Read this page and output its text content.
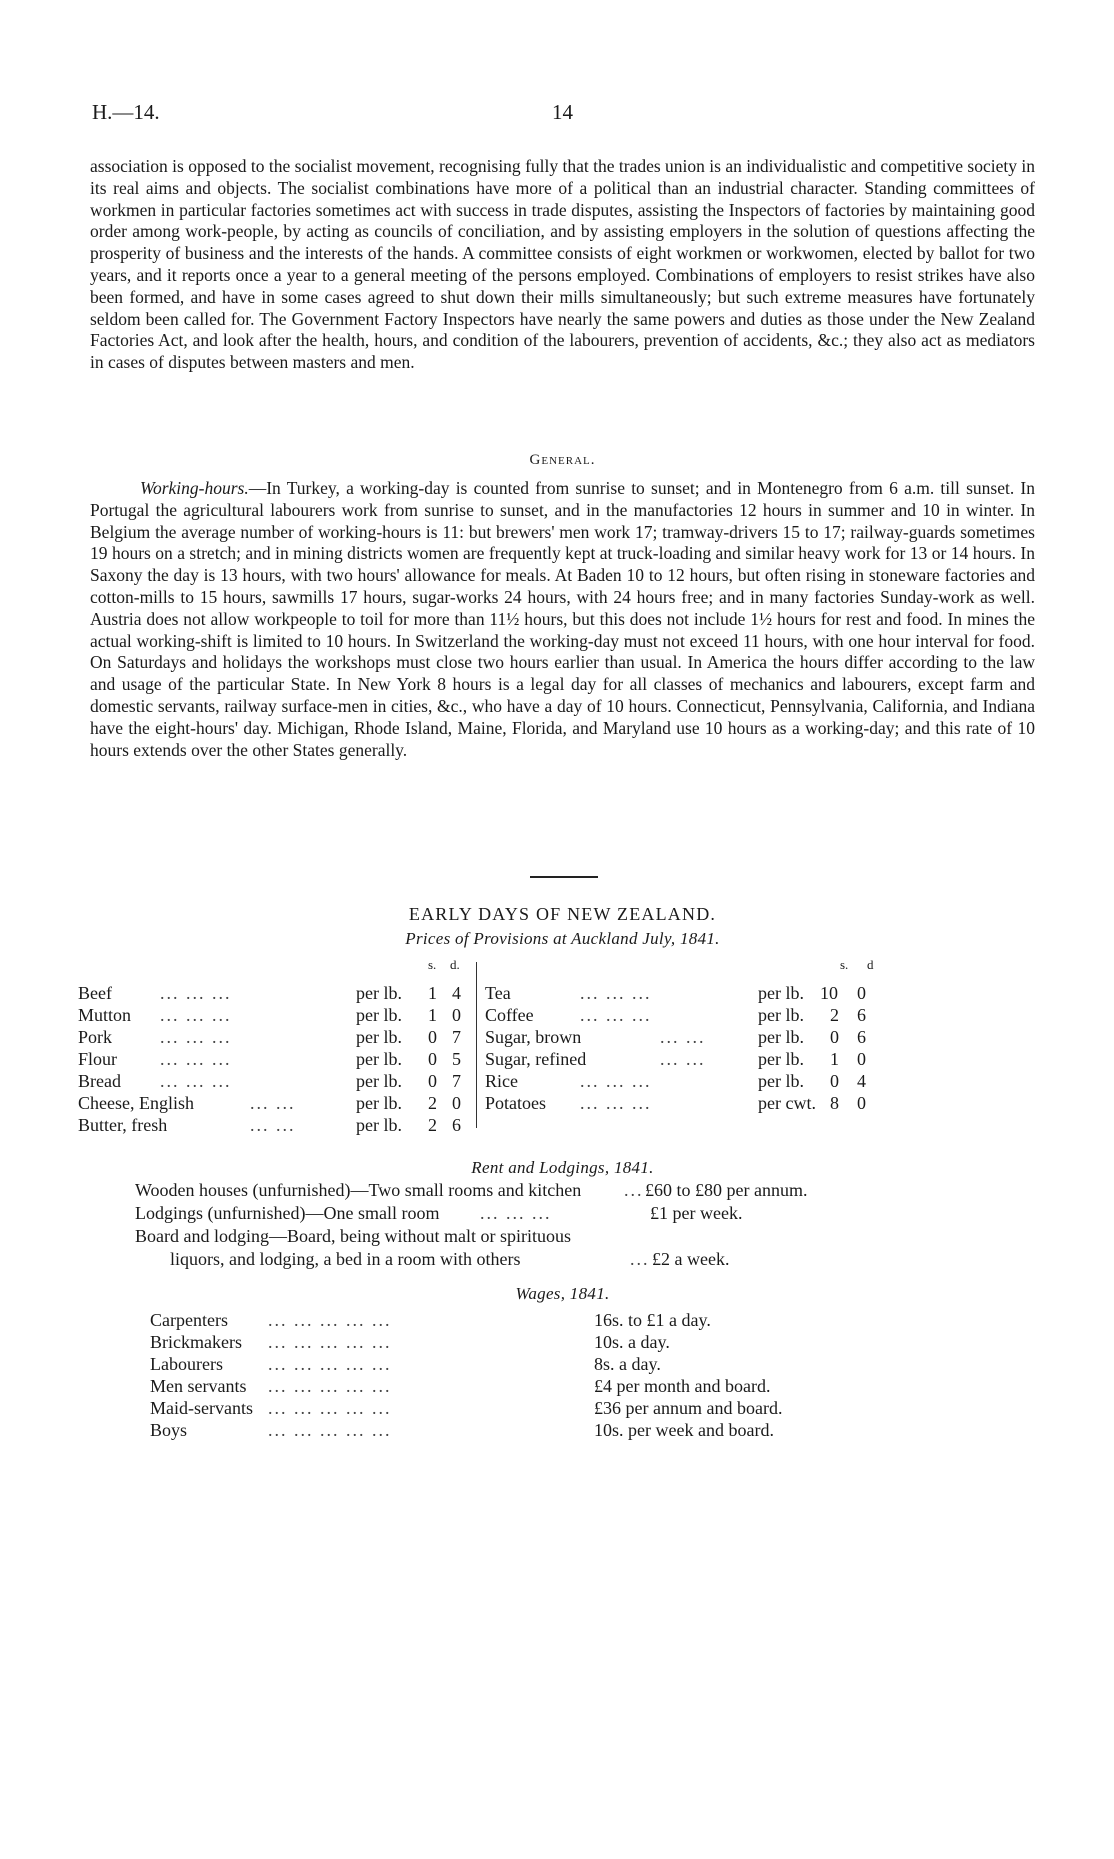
H.—14.	14
association is opposed to the socialist movement, recognising fully that the trades union is an individualistic and competitive society in its real aims and objects. The socialist combinations have more of a political than an industrial character. Standing committees of workmen in particular factories sometimes act with success in trade disputes, assisting the Inspectors of factories by maintaining good order among work-people, by acting as councils of conciliation, and by assisting employers in the solution of questions affecting the prosperity of business and the interests of the hands. A committee consists of eight workmen or workwomen, elected by ballot for two years, and it reports once a year to a general meeting of the persons employed. Combinations of employers to resist strikes have also been formed, and have in some cases agreed to shut down their mills simultaneously; but such extreme measures have fortunately seldom been called for. The Government Factory Inspectors have nearly the same powers and duties as those under the New Zealand Factories Act, and look after the health, hours, and condition of the labourers, prevention of accidents, &c.; they also act as mediators in cases of disputes between masters and men.
General.
Working-hours.—In Turkey, a working-day is counted from sunrise to sunset; and in Montenegro from 6 a.m. till sunset. In Portugal the agricultural labourers work from sunrise to sunset, and in the manufactories 12 hours in summer and 10 in winter. In Belgium the average number of working-hours is 11: but brewers' men work 17; tramway-drivers 15 to 17; railway-guards sometimes 19 hours on a stretch; and in mining districts women are frequently kept at truck-loading and similar heavy work for 13 or 14 hours. In Saxony the day is 13 hours, with two hours' allowance for meals. At Baden 10 to 12 hours, but often rising in stoneware factories and cotton-mills to 15 hours, sawmills 17 hours, sugar-works 24 hours, with 24 hours free; and in many factories Sunday-work as well. Austria does not allow workpeople to toil for more than 11½ hours, but this does not include 1½ hours for rest and food. In mines the actual working-shift is limited to 10 hours. In Switzerland the working-day must not exceed 11 hours, with one hour interval for food. On Saturdays and holidays the workshops must close two hours earlier than usual. In America the hours differ according to the law and usage of the particular State. In New York 8 hours is a legal day for all classes of mechanics and labourers, except farm and domestic servants, railway surface-men in cities, &c., who have a day of 10 hours. Connecticut, Pennsylvania, California, and Indiana have the eight-hours' day. Michigan, Rhode Island, Maine, Florida, and Maryland use 10 hours as a working-day; and this rate of 10 hours extends over the other States generally.
EARLY DAYS OF NEW ZEALAND.
Prices of Provisions at Auckland July, 1841.
s. d.	s. d
Beef	... ... ...	per lb. 1 4
Mutton ... ... ...	per lb. 1 0
Pork	... ... ...	per lb. 0 7
Flour ... ... ...	per lb. 0 5
Bread ... ... ...	per lb. 0 7
Cheese, English	... ...	per lb. 2 0
Butter, fresh	... ...	per lb. 2 6
Tea	... ... ...	per lb. 10 0
Coffee	... ... ...	per lb. 2 6
Sugar, brown	... ...	per lb. 0 6
Sugar, refined	... ...	per lb. 1 0
Rice	... ... ...	per lb. 0 4
Potatoes ... ... ...	per cwt. 8 0
Rent and Lodgings, 1841.
Wooden houses (unfurnished)—Two small rooms and kitchen ... £60 to £80 per annum.
Lodgings (unfurnished)—One small room ... ... ...	£1 per week.
Board and lodging—Board, being without malt or spirituous
liquors, and lodging, a bed in a room with others	... £2 a week.
Wages, 1841.
Carpenters ... ... ... ... ...	16s. to £1 a day.
Brickmakers ... ... ... ... ...	10s. a day.
Labourers	... ... ... ... ...	8s. a day.
Men servants ... ... ... ... ...	£4 per month and board.
Maid-servants ... ... ... ... ...	£36 per annum and board.
Boys	... ... ... ... ...	10s. per week and board.
